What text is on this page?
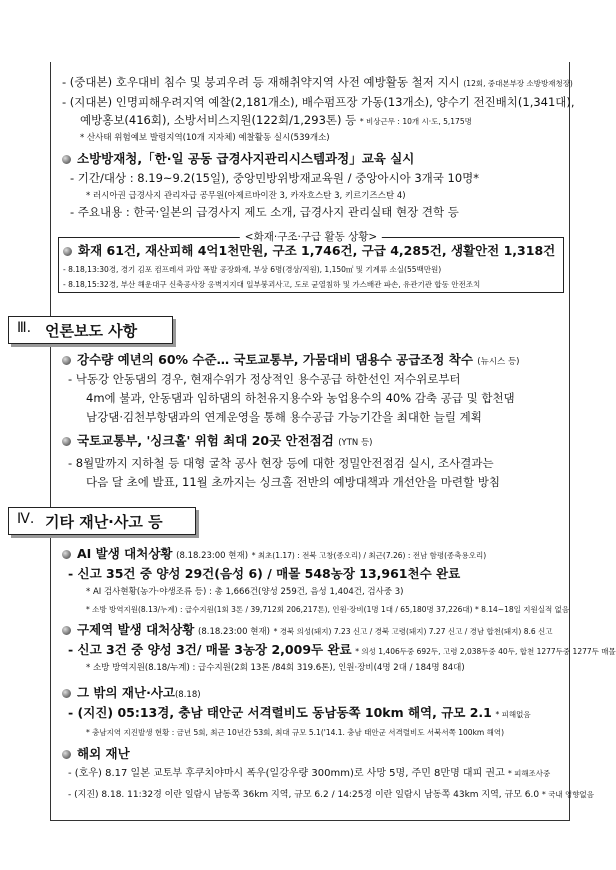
- (중대본) 호우대비 침수 및 붕괴우려 등 재해취약지역 사전 예방활동 철저 지시 (12회, 중대본부장 소방방재청장)
- (지대본) 인명피해우려지역 예찰(2,181개소), 배수펌프장 가동(13개소), 양수기 전진배치(1,341대),
예방홍보(416회), 소방서비스지원(122회/1,293톤) 등 * 비상근무 : 10개 시·도, 5,175명
* 산사태 위험예보 발령지역(10개 지자체) 예찰활동 실시(539개소)
소방방재청,「한·일 공동 급경사지관리시스템과정」교육 실시
- 기간/대상 : 8.19~9.2(15일), 중앙민방위방재교육원 / 중앙아시아 3개국 10명*
* 러시아권 급경사지 관리자급 공무원(아제르바이잔 3, 카자흐스탄 3, 키르기즈스탄 4)
- 주요내용 : 한국·일본의 급경사지 제도 소개, 급경사지 관리실태 현장 견학 등
<화재·구조·구급 활동 상황>
화재 61건, 재산피해 4억1천만원, 구조 1,746건, 구급 4,285건, 생활안전 1,318건
- 8.18,13:30경, 경기 김포 컴프레셔 과압 폭발 공장화재, 부상 6명(경상/직원), 1,150㎡ 및 기계류 소실(55백만원)
- 8.18,15:32경, 부산 해운대구 신축공사장 옹벽지지대 일부붕괴사고, 도로 균열침하 및 가스배관 파손, 유관기관 합동 안전조치
Ⅲ. 언론보도 사항
강수량 예년의 60% 수준… 국토교통부, 가뭄대비 댐용수 공급조정 착수 (뉴시스 등)
- 낙동강 안동댐의 경우, 현재수위가 정상적인 용수공급 하한선인 저수위로부터
4m에 불과, 안동댐과 임하댐의 하천유지용수와 농업용수의 40% 감축 공급 및 합천댐
남강댐·김천부항댐과의 연계운영을 통해 용수공급 가능기간을 최대한 늘릴 계획
국토교통부, '싱크홀' 위험 최대 20곳 안전점검 (YTN 등)
- 8월말까지 지하철 등 대형 굴착 공사 현장 등에 대한 정밀안전점검 실시, 조사결과는
다음 달 초에 발표, 11월 초까지는 싱크홀 전반의 예방대책과 개선안을 마련할 방침
Ⅳ. 기타 재난·사고 등
AI 발생 대처상황 (8.18.23:00 현재) * 최초(1.17) : 전북 고창(종오리) / 최근(7.26) : 전남 함평(종축용오리)
- 신고 35건 중 양성 29건(음성 6) / 매몰 548농장 13,961천수 완료
* AI 검사현황(농가·야생조류 등) : 총 1,666건(양성 259건, 음성 1,404건, 검사중 3)
* 소방 방역지원(8.13/누계) : 급수지원(1회 3톤 / 39,712회 206,217톤), 인원·장비(1명 1대 / 65,180명 37,226대) * 8.14~18일 지원실적 없음
구제역 발생 대처상황 (8.18.23:00 현재) * 경북 의성(돼지) 7.23 신고 / 경북 고령(돼지) 7.27 신고 / 경남 합천(돼지) 8.6 신고
- 신고 3건 중 양성 3건/ 매몰 3농장 2,009두 완료 * 의성 1,406두중 692두, 고령 2,038두중 40두, 합천 1277두중 1277두 매몰
* 소방 방역지원(8.18/누계) : 급수지원(2회 13톤 /84회 319.6톤), 인원·장비(4명 2대 / 184명 84대)
그 밖의 재난·사고(8.18)
- (지진) 05:13경, 충남 태안군 서격렬비도 동남동쪽 10km 해역, 규모 2.1 * 피해없음
* 충남지역 지진발생 현황 : 금년 5회, 최근 10년간 53회, 최대 규모 5.1('14.1. 충남 태안군 서격렬비도 서북서쪽 100km 해역)
해외 재난
- (호우) 8.17 일본 교토부 후쿠치야마시 폭우(일강우량 300mm)로 사망 5명, 주민 8만명 대피 권고 * 피해조사중
- (지진) 8.18. 11:32경 이란 일람시 남동쪽 36km 지역, 규모 6.2 / 14:25경 이란 일람시 남동쪽 43km 지역, 규모 6.0 * 국내 영향없음
